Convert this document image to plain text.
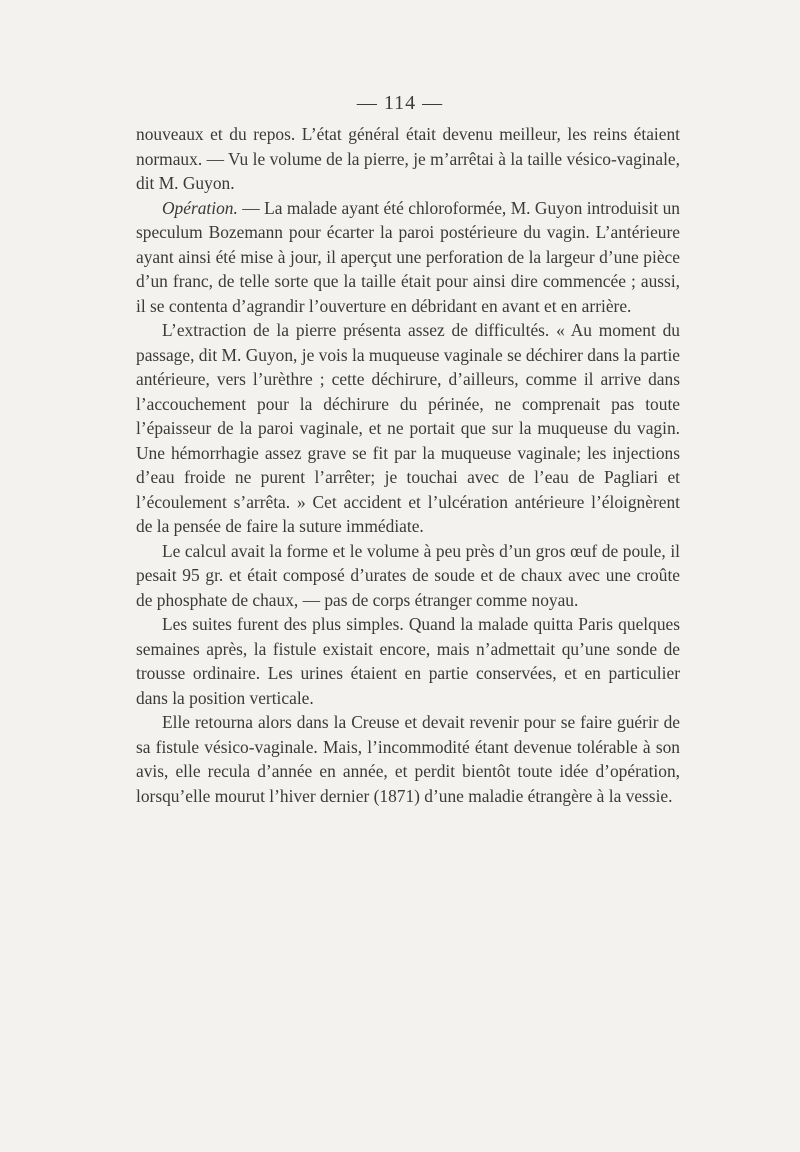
— 114 —

nouveaux et du repos. L’état général était devenu meilleur, les reins étaient normaux. — Vu le volume de la pierre, je m’arrêtai à la taille vésico-vaginale, dit M. Guyon.

Opération. — La malade ayant été chloroformée, M. Guyon introduisit un speculum Bozemann pour écarter la paroi postérieure du vagin. L’antérieure ayant ainsi été mise à jour, il aperçut une perforation de la largeur d’une pièce d’un franc, de telle sorte que la taille était pour ainsi dire commencée ; aussi, il se contenta d’agrandir l’ouverture en débridant en avant et en arrière.

L’extraction de la pierre présenta assez de difficultés. « Au moment du passage, dit M. Guyon, je vois la muqueuse vaginale se déchirer dans la partie antérieure, vers l’urèthre ; cette déchirure, d’ailleurs, comme il arrive dans l’accouchement pour la déchirure du périnée, ne comprenait pas toute l’épaisseur de la paroi vaginale, et ne portait que sur la muqueuse du vagin. Une hémorrhagie assez grave se fit par la muqueuse vaginale; les injections d’eau froide ne purent l’arrêter; je touchai avec de l’eau de Pagliari et l’écoulement s’arrêta. » Cet accident et l’ulcération antérieure l’éloignèrent de la pensée de faire la suture immédiate.

Le calcul avait la forme et le volume à peu près d’un gros œuf de poule, il pesait 95 gr. et était composé d’urates de soude et de chaux avec une croûte de phosphate de chaux, — pas de corps étranger comme noyau.

Les suites furent des plus simples. Quand la malade quitta Paris quelques semaines après, la fistule existait encore, mais n’admettait qu’une sonde de trousse ordinaire. Les urines étaient en partie conservées, et en particulier dans la position verticale.

Elle retourna alors dans la Creuse et devait revenir pour se faire guérir de sa fistule vésico-vaginale. Mais, l’incommodité étant devenue tolérable à son avis, elle recula d’année en année, et perdit bientôt toute idée d’opération, lorsqu’elle mourut l’hiver dernier (1871) d’une maladie étrangère à la vessie.
